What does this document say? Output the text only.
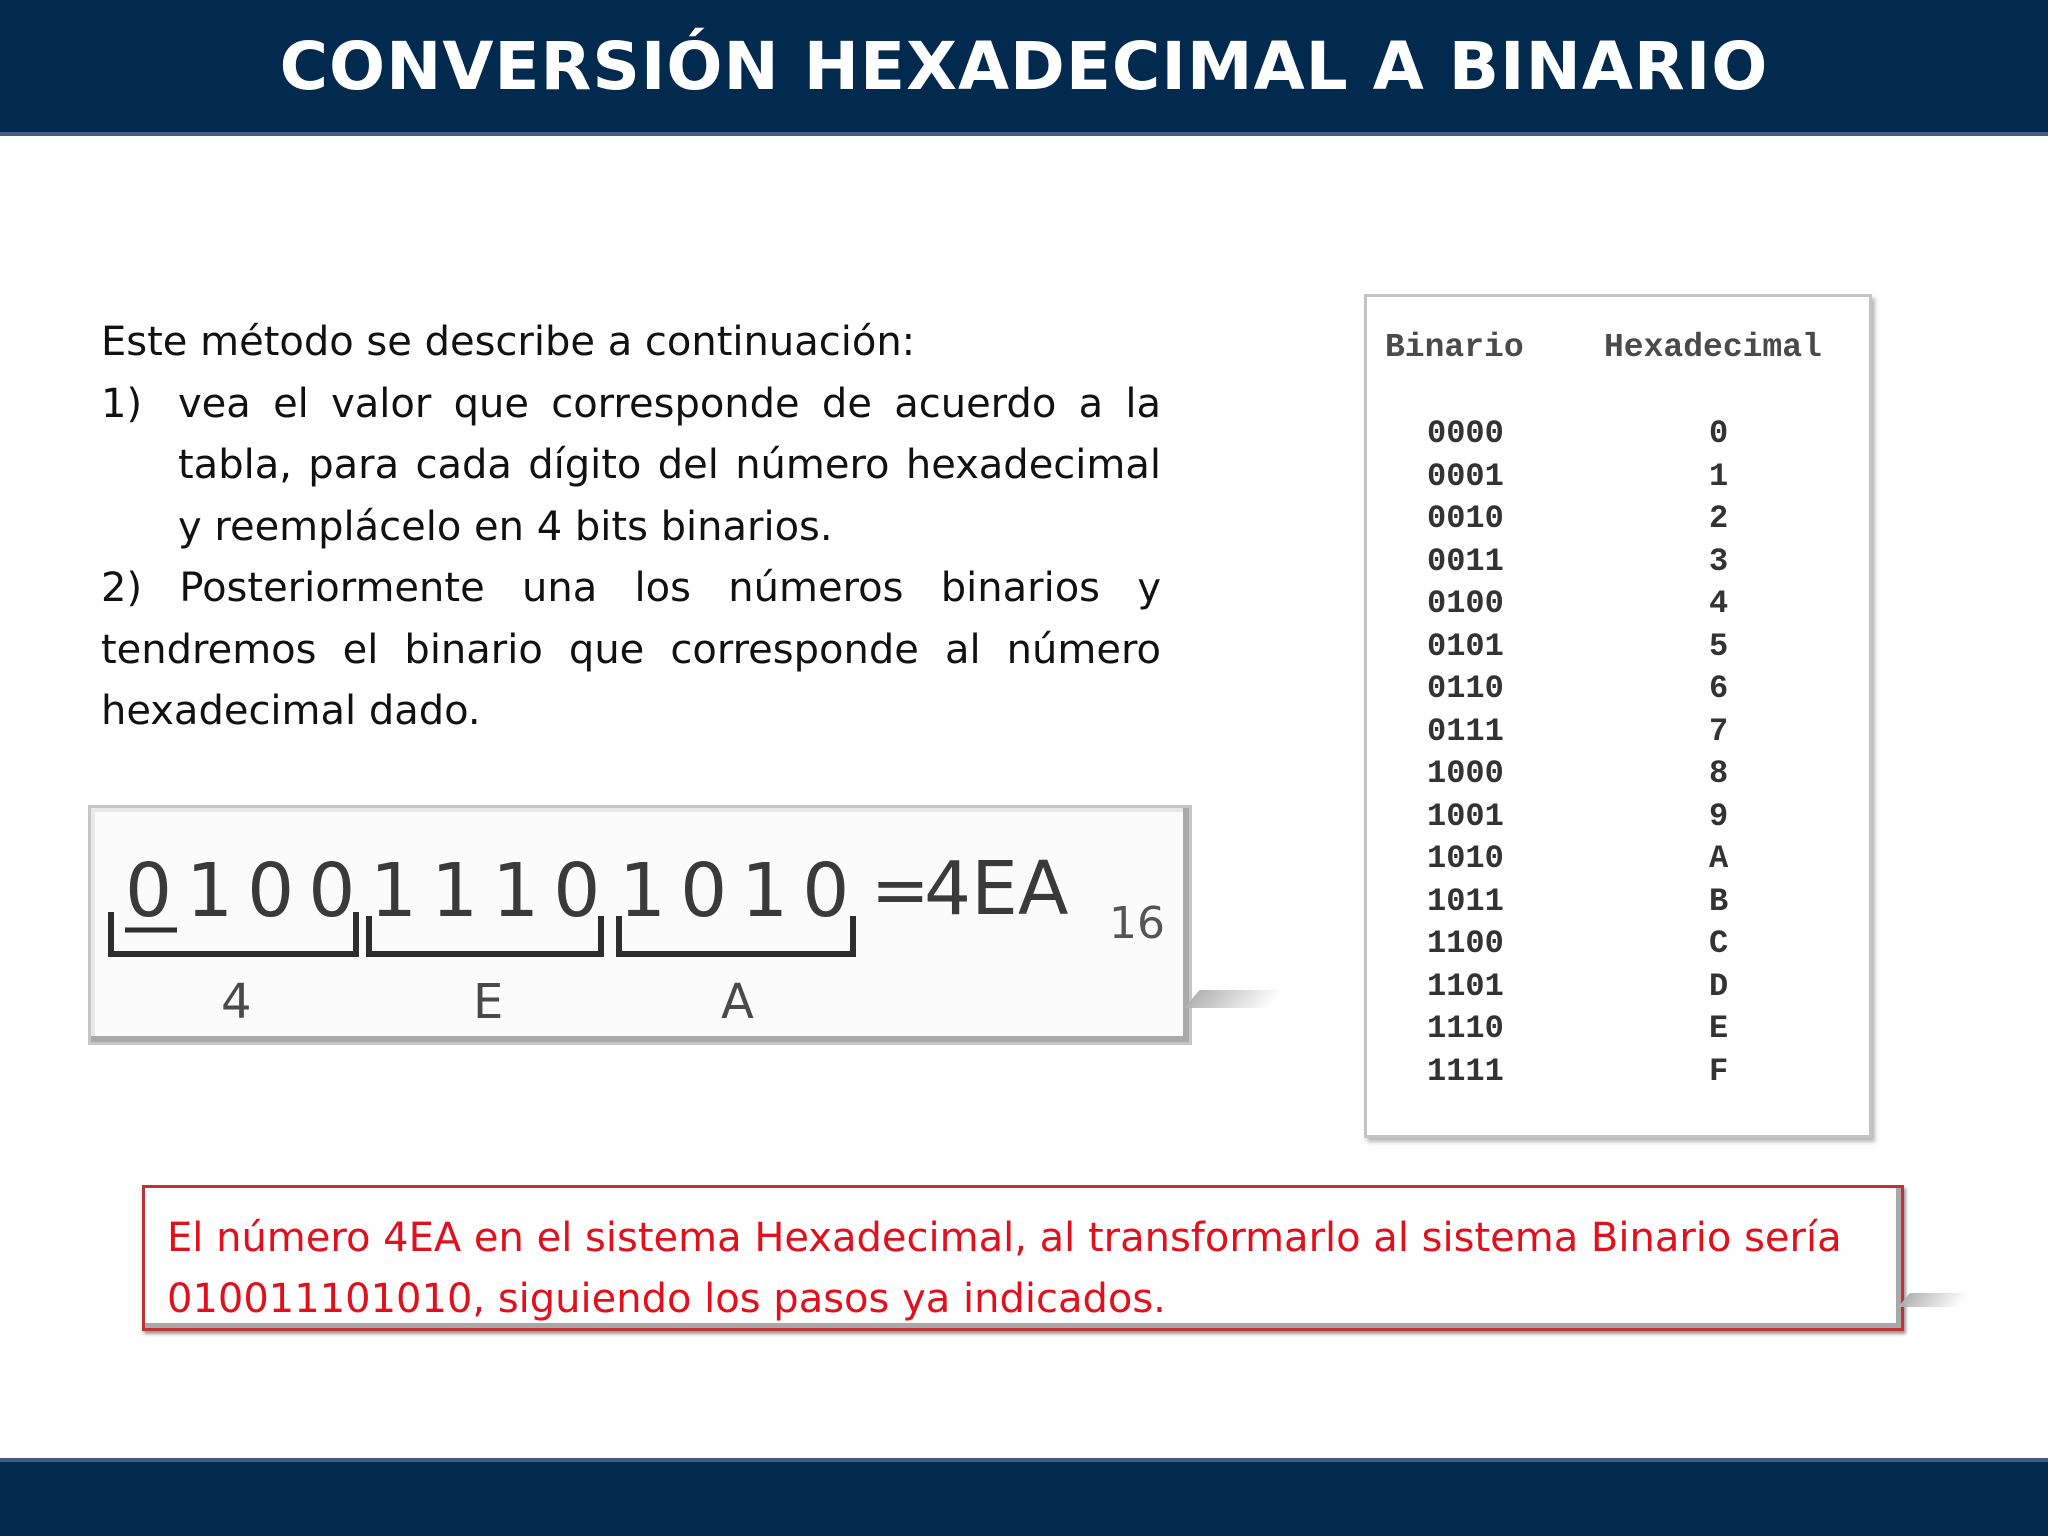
CONVERSIÓN HEXADECIMAL A BINARIO

Este método se describe a continuación:

1) vea el valor que corresponde de acuerdo a la tabla, para cada dígito del número hexadecimal y reemplácelo en 4 bits binarios.

2) Posteriormente una los números binarios y tendremos el binario que corresponde al número hexadecimal dado.

0100 1110 1010 =
4EA 16
4	E	A
Binario Hexadecimal
0000	0
0001	1
0010	2
0011	3
0100	4
0101	5
0110	6
0111	7
1000	8
1001	9
1010	A
1011	B
1100	C
1101	D
1110	E
1111	F
El número 4EA en el sistema Hexadecimal, al transformarlo al sistema Binario sería 010011101010, siguiendo los pasos ya indicados.
